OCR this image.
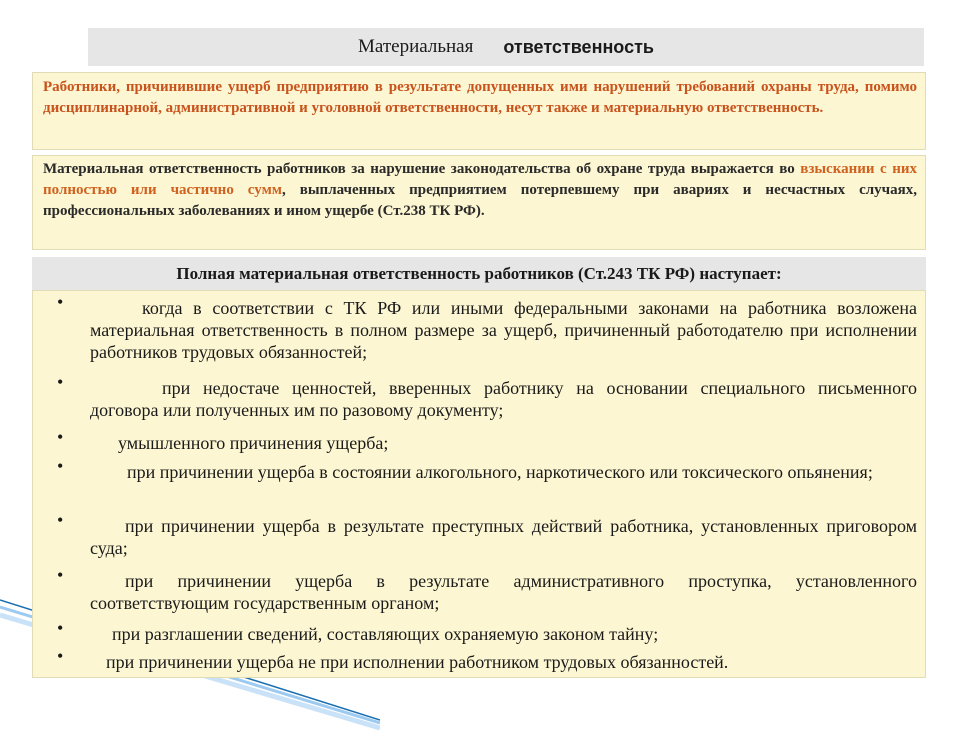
Материальная ответственность
Работники, причинившие ущерб предприятию в результате допущенных ими нарушений требований охраны труда, помимо дисциплинарной, административной и уголовной ответственности, несут также и материальную ответственность.
Материальная ответственность работников за нарушение законодательства об охране труда выражается во взыскании с них полностью или частично сумм, выплаченных предприятием потерпевшему при авариях и несчастных случаях, профессиональных заболеваниях и ином ущербе (Ст.238 ТК РФ).
Полная материальная ответственность работников (Ст.243 ТК РФ) наступает:
•	когда в соответствии с ТК РФ или иными федеральными законами на работника возложена материальная ответственность в полном размере за ущерб, причиненный работодателю при исполнении работников трудовых обязанностей;
•	при недостаче ценностей, вверенных работнику на основании специального письменного договора или полученных им по разовому документу;
•	умышленного причинения ущерба;
•	при причинении ущерба в состоянии алкогольного, наркотического или токсического опьянения;
•	при причинении ущерба в результате преступных действий работника, установленных приговором суда;
•	при причинении ущерба в результате административного проступка, установленного соответствующим государственным органом;
•	при разглашении сведений, составляющих охраняемую законом тайну;
• при причинении ущерба не при исполнении работником трудовых обязанностей.
